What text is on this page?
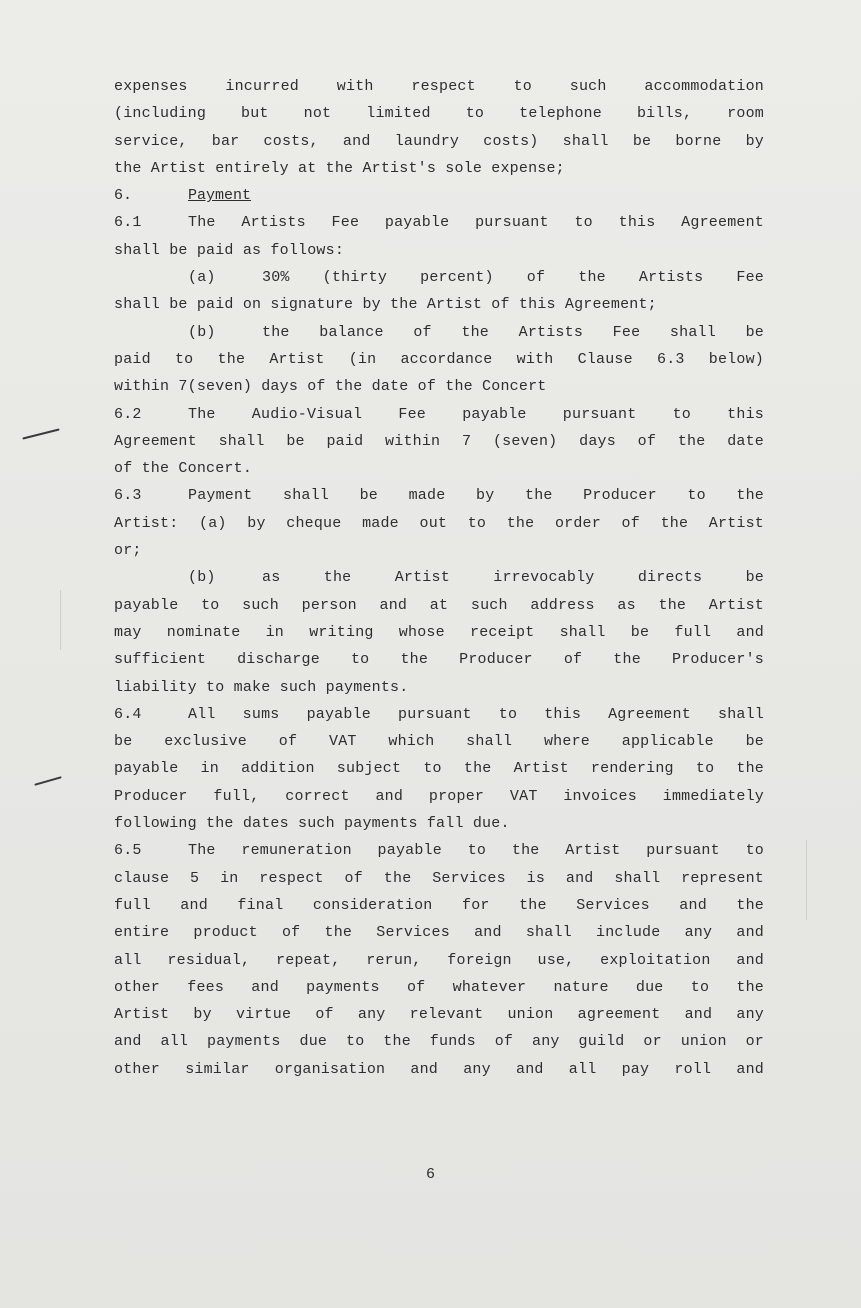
expenses incurred with respect to such accommodation
(including but not limited to telephone bills, room
service, bar costs, and laundry costs) shall be borne by
the Artist entirely at the Artist's sole expense;
6.	Payment
6.1	The Artists Fee payable pursuant to this Agreement
shall be paid as follows:
(a)	30% (thirty percent) of the Artists Fee
shall be paid on signature by the Artist of this Agreement;
(b)	the balance of the Artists Fee shall be
paid to the Artist (in accordance with Clause 6.3 below)
within 7(seven) days of the date of the Concert
6.2	The Audio-Visual Fee payable pursuant to this
Agreement shall be paid within 7 (seven) days of the date
of the Concert.
6.3	Payment shall be made by the Producer to the
Artist: (a) by cheque made out to the order of the Artist
or;
(b)	as the Artist irrevocably directs be
payable to such person and at such address as the Artist
may nominate in writing whose receipt shall be full and
sufficient discharge to the Producer of the Producer's
liability to make such payments.
6.4	All sums payable pursuant to this Agreement shall
be exclusive of VAT which shall where applicable be
payable in addition subject to the Artist rendering to the
Producer full, correct and proper VAT invoices immediately
following the dates such payments fall due.
6.5	The remuneration payable to the Artist pursuant to
clause 5 in respect of the Services is and shall represent
full and final consideration for the Services and the
entire product of the Services and shall include any and
all residual, repeat, rerun, foreign use, exploitation and
other fees and payments of whatever nature due to the
Artist by virtue of any relevant union agreement and any
and all payments due to the funds of any guild or union or
other similar organisation and any and all pay roll and
6
